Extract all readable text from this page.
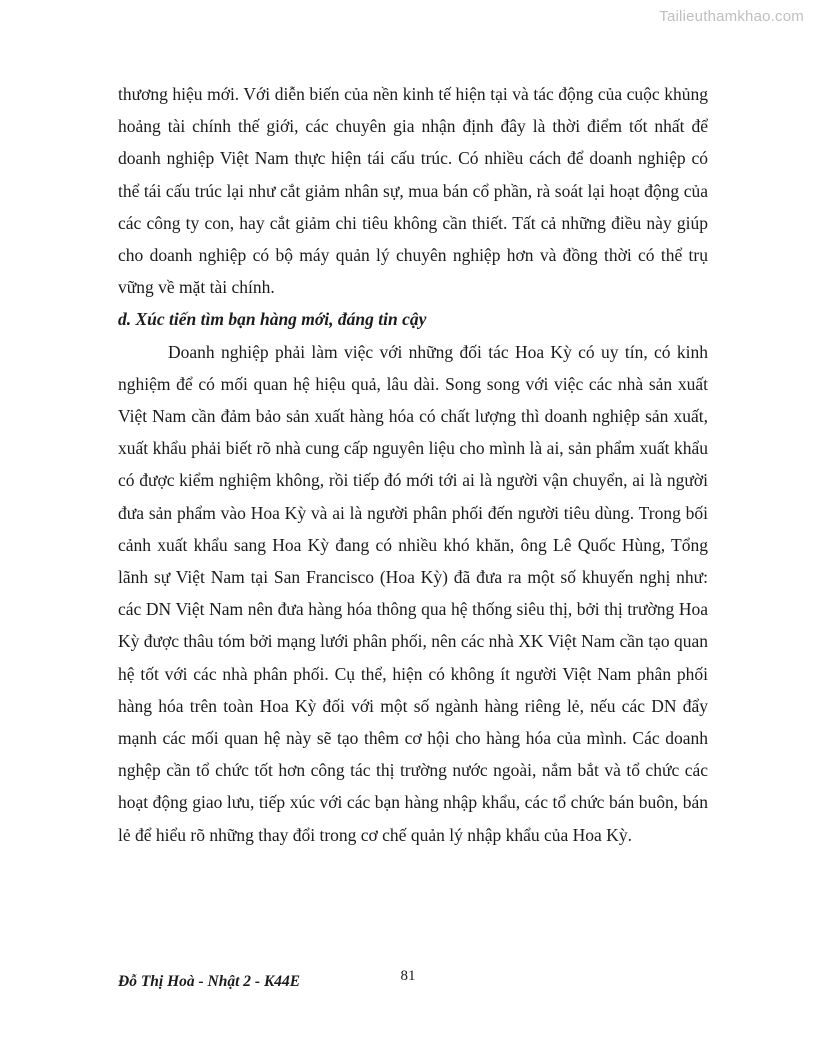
Tailieuthamkhao.com

thương hiệu mới. Với diễn biến của nền kinh tế hiện tại và tác động của cuộc khủng hoảng tài chính thế giới, các chuyên gia nhận định đây là thời điểm tốt nhất để doanh nghiệp Việt Nam thực hiện tái cấu trúc. Có nhiều cách để doanh nghiệp có thể tái cấu trúc lại như cắt giảm nhân sự, mua bán cổ phần, rà soát lại hoạt động của các công ty con, hay cắt giảm chi tiêu không cần thiết. Tất cả những điều này giúp cho doanh nghiệp có bộ máy quản lý chuyên nghiệp hơn và đồng thời có thể trụ vững về mặt tài chính.

d. Xúc tiến tìm bạn hàng mới, đáng tin cậy

Doanh nghiệp phải làm việc với những đối tác Hoa Kỳ có uy tín, có kinh nghiệm để có mối quan hệ hiệu quả, lâu dài. Song song với việc các nhà sản xuất Việt Nam cần đảm bảo sản xuất hàng hóa có chất lượng thì doanh nghiệp sản xuất, xuất khẩu phải biết rõ nhà cung cấp nguyên liệu cho mình là ai, sản phẩm xuất khẩu có được kiểm nghiệm không, rồi tiếp đó mới tới ai là người vận chuyển, ai là người đưa sản phẩm vào Hoa Kỳ và ai là người phân phối đến người tiêu dùng. Trong bối cảnh xuất khẩu sang Hoa Kỳ đang có nhiều khó khăn, ông Lê Quốc Hùng, Tổng lãnh sự Việt Nam tại San Francisco (Hoa Kỳ) đã đưa ra một số khuyến nghị như: các DN Việt Nam nên đưa hàng hóa thông qua hệ thống siêu thị, bởi thị trường Hoa Kỳ được thâu tóm bởi mạng lưới phân phối, nên các nhà XK Việt Nam cần tạo quan hệ tốt với các nhà phân phối. Cụ thể, hiện có không ít người Việt Nam phân phối hàng hóa trên toàn Hoa Kỳ đối với một số ngành hàng riêng lẻ, nếu các DN đẩy mạnh các mối quan hệ này sẽ tạo thêm cơ hội cho hàng hóa của mình. Các doanh nghệp cần tổ chức tốt hơn công tác thị trường nước ngoài, nắm bắt và tổ chức các hoạt động giao lưu, tiếp xúc với các bạn hàng nhập khẩu, các tổ chức bán buôn, bán lẻ để hiểu rõ những thay đổi trong cơ chế quản lý nhập khẩu của Hoa Kỳ.

81
Đỗ Thị Hoà - Nhật 2 - K44E
